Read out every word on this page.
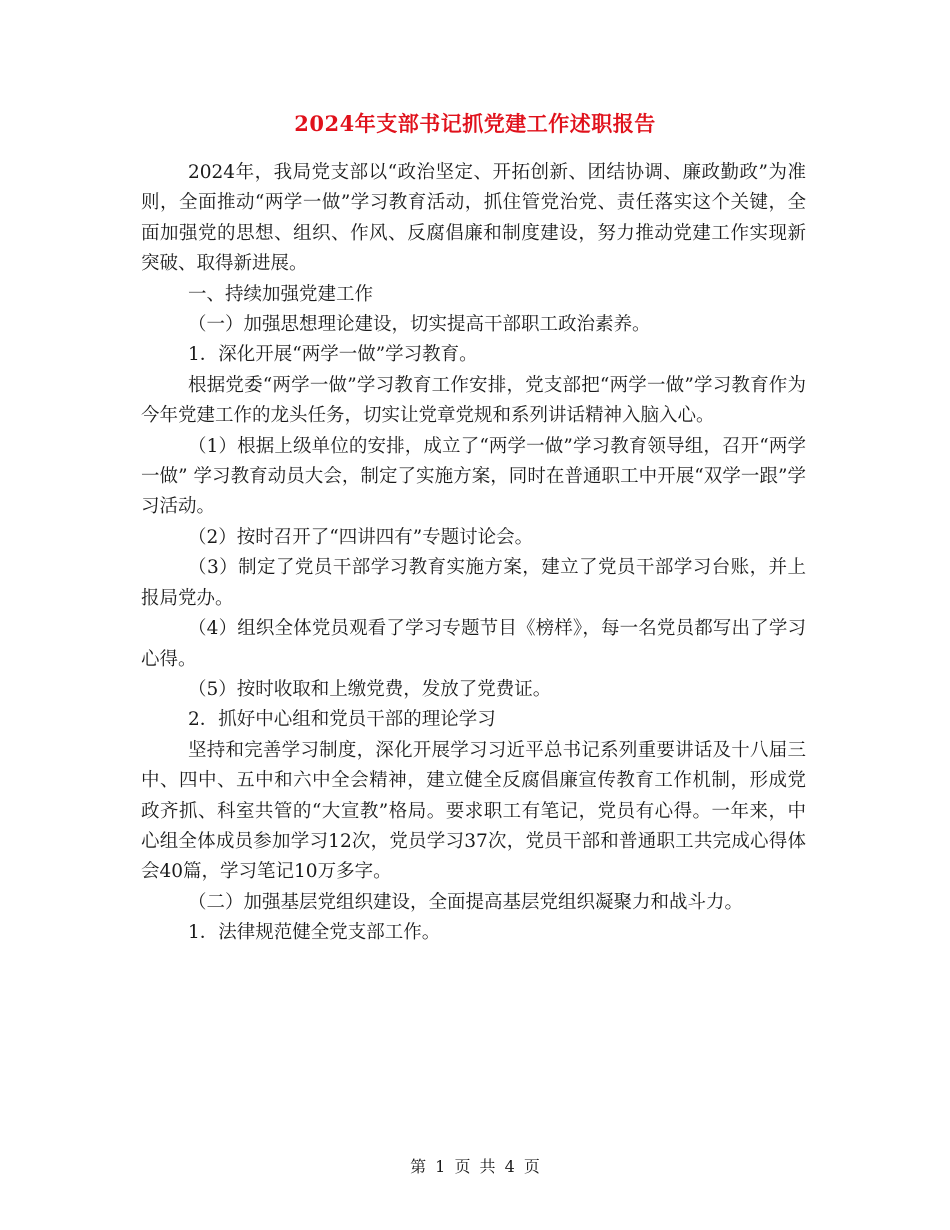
2024年支部书记抓党建工作述职报告

2024年，我局党支部以“政治坚定、开拓创新、团结协调、廉政勤政”为准则，全面推动“两学一做”学习教育活动，抓住管党治党、责任落实这个关键，全面加强党的思想、组织、作风、反腐倡廉和制度建设，努力推动党建工作实现新突破、取得新进展。

一、持续加强党建工作

（一）加强思想理论建设，切实提高干部职工政治素养。

1．深化开展“两学一做”学习教育。

根据党委“两学一做”学习教育工作安排，党支部把“两学一做”学习教育作为今年党建工作的龙头任务，切实让党章党规和系列讲话精神入脑入心。

（1）根据上级单位的安排，成立了“两学一做”学习教育领导组，召开“两学一做” 学习教育动员大会，制定了实施方案，同时在普通职工中开展“双学一跟”学习活动。

（2）按时召开了“四讲四有”专题讨论会。

（3）制定了党员干部学习教育实施方案，建立了党员干部学习台账，并上报局党办。

（4）组织全体党员观看了学习专题节目《榜样》，每一名党员都写出了学习心得。

（5）按时收取和上缴党费，发放了党费证。

2．抓好中心组和党员干部的理论学习

坚持和完善学习制度，深化开展学习习近平总书记系列重要讲话及十八届三中、四中、五中和六中全会精神，建立健全反腐倡廉宣传教育工作机制，形成党政齐抓、科室共管的“大宣教”格局。要求职工有笔记，党员有心得。一年来，中心组全体成员参加学习12次，党员学习37次，党员干部和普通职工共完成心得体会40篇，学习笔记10万多字。

（二）加强基层党组织建设，全面提高基层党组织凝聚力和战斗力。

1．法律规范健全党支部工作。

第 1 页 共 4 页
